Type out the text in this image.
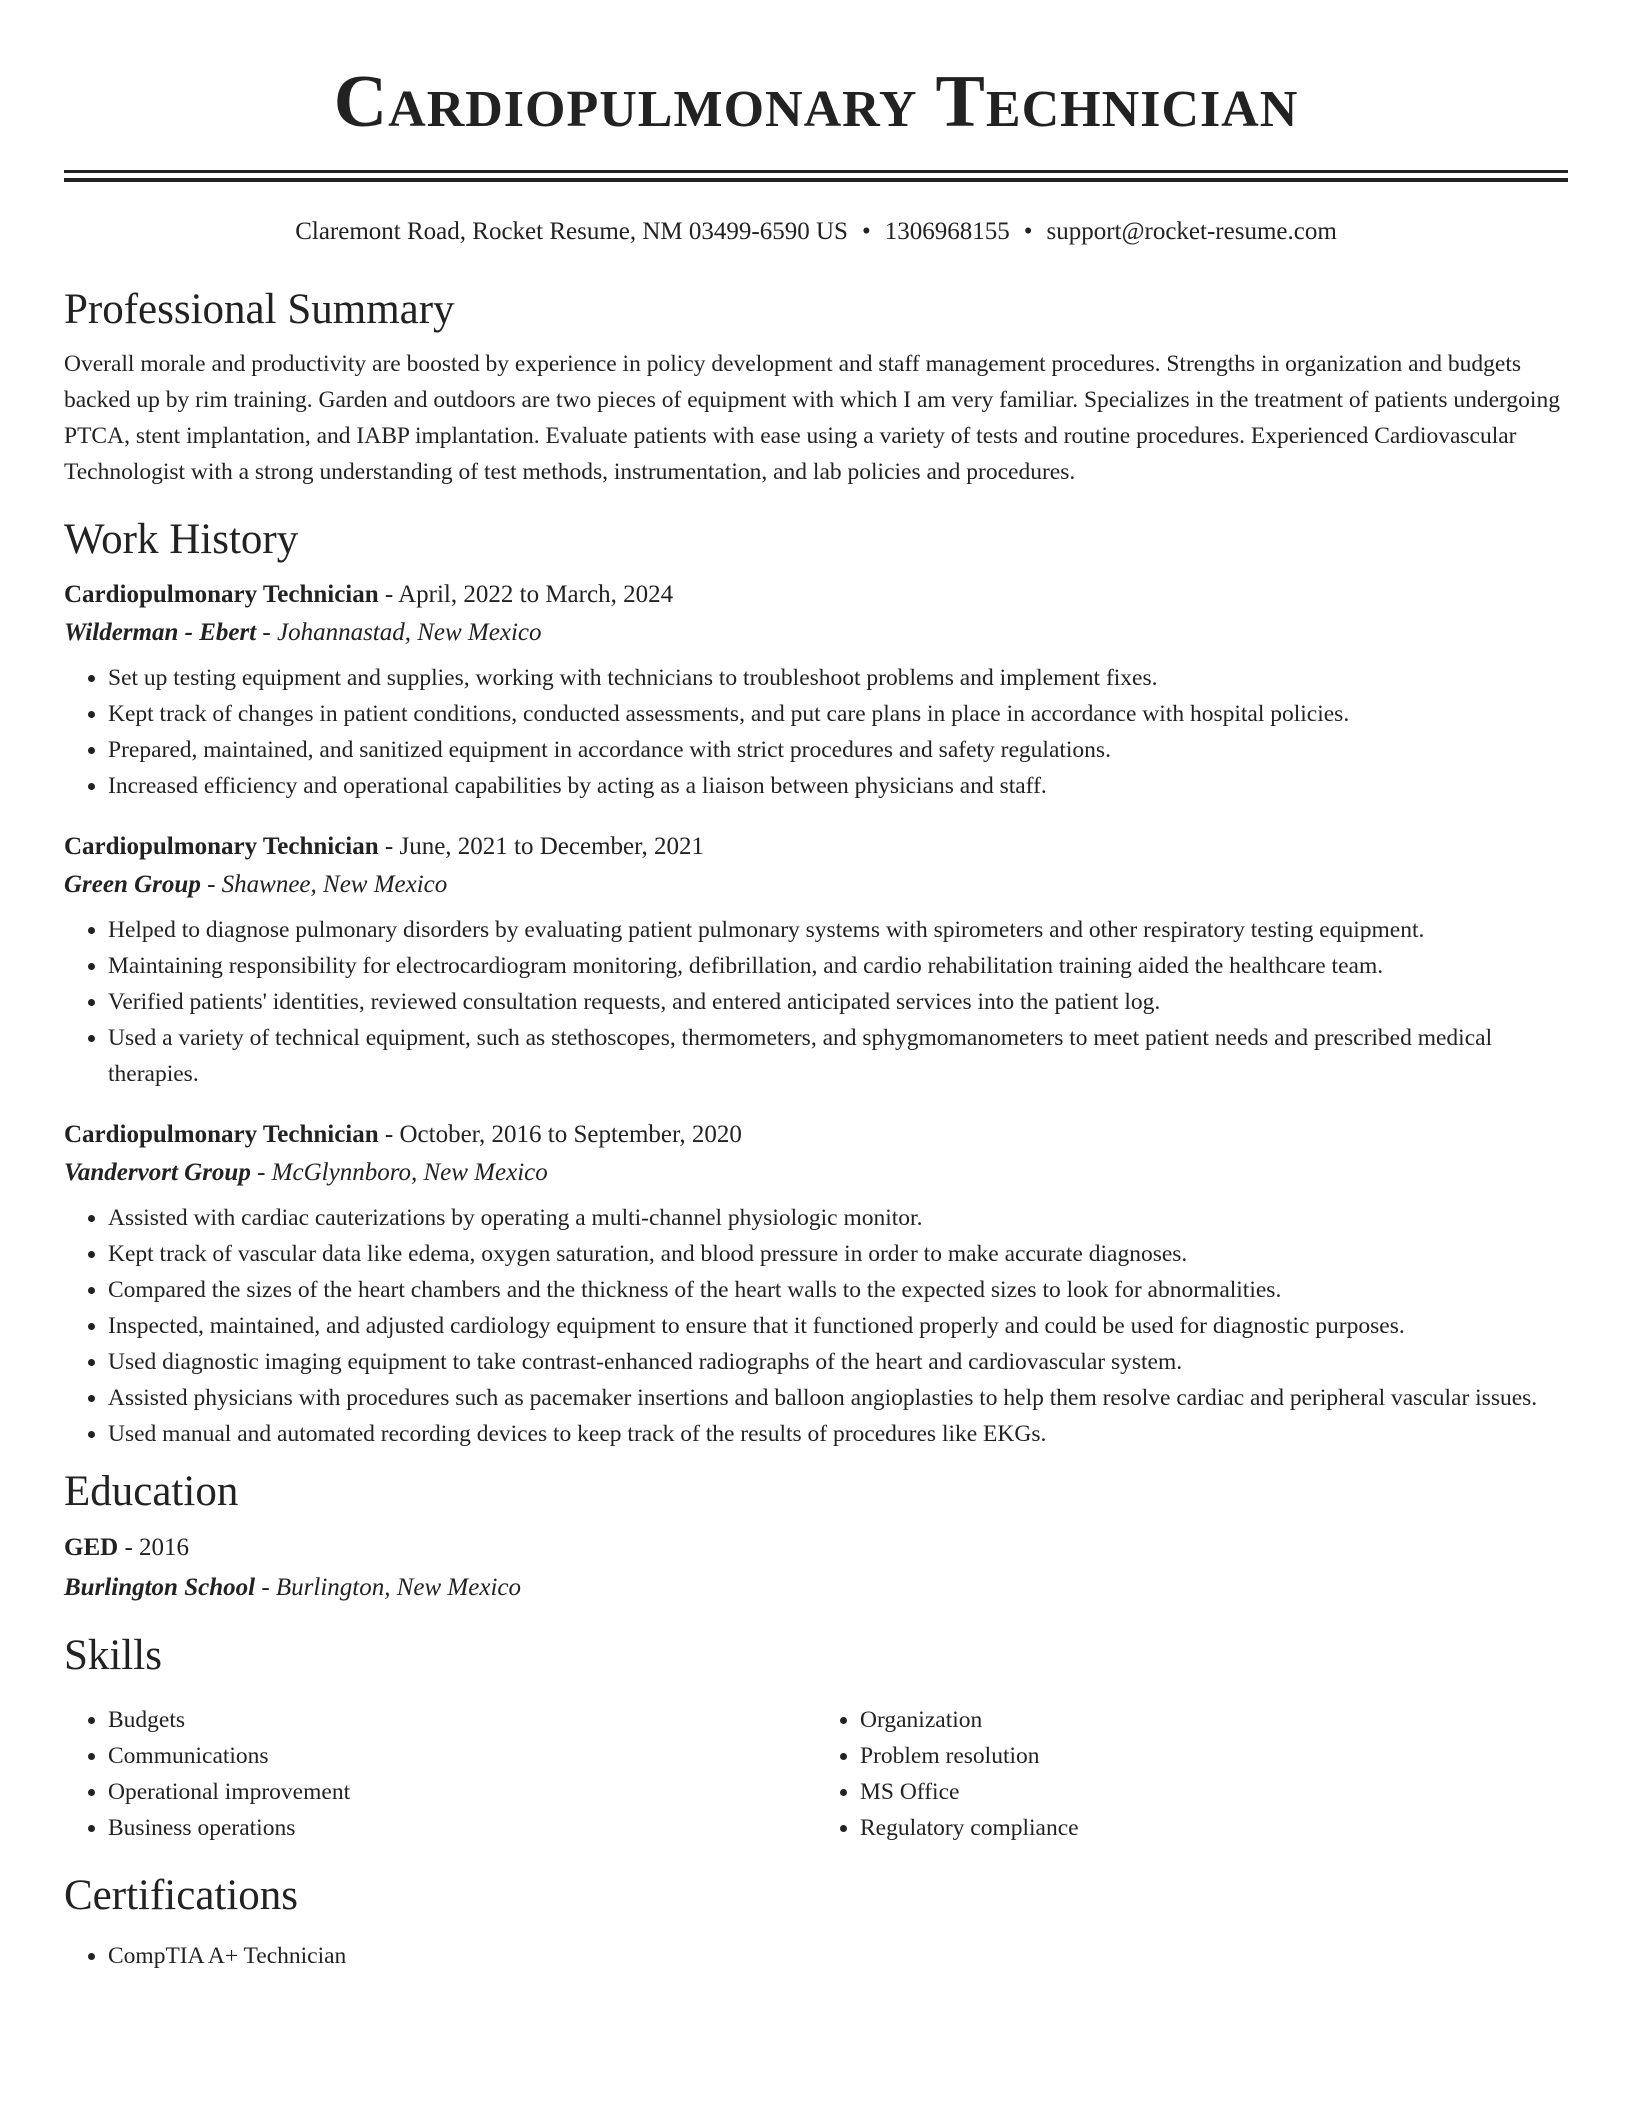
Cardiopulmonary Technician
Claremont Road, Rocket Resume, NM 03499-6590 US • 1306968155 • support@rocket-resume.com
Professional Summary

Overall morale and productivity are boosted by experience in policy development and staff management procedures. Strengths in organization and budgets backed up by rim training. Garden and outdoors are two pieces of equipment with which I am very familiar. Specializes in the treatment of patients undergoing PTCA, stent implantation, and IABP implantation. Evaluate patients with ease using a variety of tests and routine procedures. Experienced Cardiovascular Technologist with a strong understanding of test methods, instrumentation, and lab policies and procedures.

Work History
Cardiopulmonary Technician - April, 2022 to March, 2024
Wilderman - Ebert - Johannastad, New Mexico
• Set up testing equipment and supplies, working with technicians to troubleshoot problems and implement fixes.
• Kept track of changes in patient conditions, conducted assessments, and put care plans in place in accordance with hospital policies.
• Prepared, maintained, and sanitized equipment in accordance with strict procedures and safety regulations.
• Increased efficiency and operational capabilities by acting as a liaison between physicians and staff.
Cardiopulmonary Technician - June, 2021 to December, 2021
Green Group - Shawnee, New Mexico
• Helped to diagnose pulmonary disorders by evaluating patient pulmonary systems with spirometers and other respiratory testing equipment.
• Maintaining responsibility for electrocardiogram monitoring, defibrillation, and cardio rehabilitation training aided the healthcare team.
• Verified patients' identities, reviewed consultation requests, and entered anticipated services into the patient log.
• Used a variety of technical equipment, such as stethoscopes, thermometers, and sphygmomanometers to meet patient needs and prescribed medical therapies.
Cardiopulmonary Technician - October, 2016 to September, 2020
Vandervort Group - McGlynnboro, New Mexico
• Assisted with cardiac cauterizations by operating a multi-channel physiologic monitor.
• Kept track of vascular data like edema, oxygen saturation, and blood pressure in order to make accurate diagnoses.
• Compared the sizes of the heart chambers and the thickness of the heart walls to the expected sizes to look for abnormalities.
• Inspected, maintained, and adjusted cardiology equipment to ensure that it functioned properly and could be used for diagnostic purposes.
• Used diagnostic imaging equipment to take contrast-enhanced radiographs of the heart and cardiovascular system.
• Assisted physicians with procedures such as pacemaker insertions and balloon angioplasties to help them resolve cardiac and peripheral vascular issues.
• Used manual and automated recording devices to keep track of the results of procedures like EKGs.
Education
GED - 2016
Burlington School - Burlington, New Mexico
Skills
• Budgets
• Communications
• Operational improvement
• Business operations
• Organization
• Problem resolution
• MS Office
• Regulatory compliance
Certifications
• CompTIA A+ Technician
